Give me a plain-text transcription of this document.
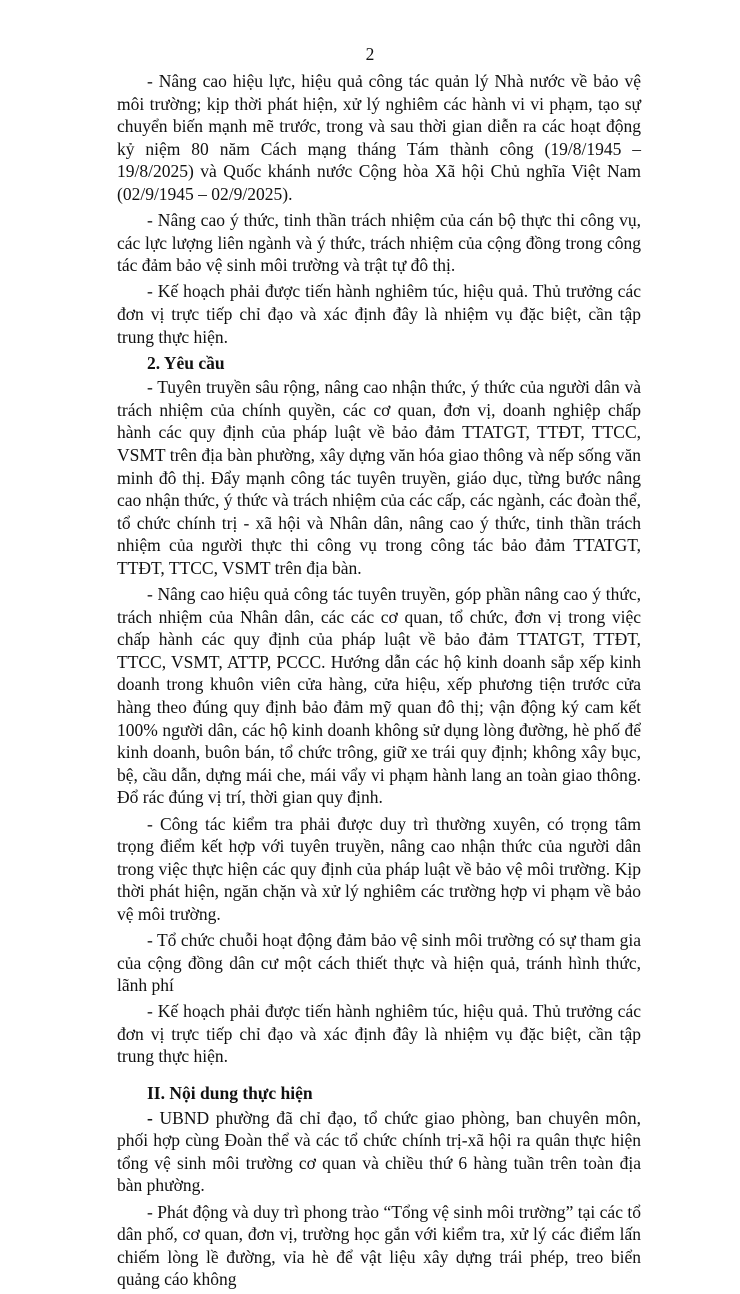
2

- Nâng cao hiệu lực, hiệu quả công tác quản lý Nhà nước về bảo vệ môi trường; kịp thời phát hiện, xử lý nghiêm các hành vi vi phạm, tạo sự chuyển biến mạnh mẽ trước, trong và sau thời gian diễn ra các hoạt động kỷ niệm 80 năm Cách mạng tháng Tám thành công (19/8/1945 – 19/8/2025) và Quốc khánh nước Cộng hòa Xã hội Chủ nghĩa Việt Nam (02/9/1945 – 02/9/2025).

- Nâng cao ý thức, tinh thần trách nhiệm của cán bộ thực thi công vụ, các lực lượng liên ngành và ý thức, trách nhiệm của cộng đồng trong công tác đảm bảo vệ sinh môi trường và trật tự đô thị.

- Kế hoạch phải được tiến hành nghiêm túc, hiệu quả. Thủ trưởng các đơn vị trực tiếp chỉ đạo và xác định đây là nhiệm vụ đặc biệt, cần tập trung thực hiện.

2. Yêu cầu

- Tuyên truyền sâu rộng, nâng cao nhận thức, ý thức của người dân và trách nhiệm của chính quyền, các cơ quan, đơn vị, doanh nghiệp chấp hành các quy định của pháp luật về bảo đảm TTATGT, TTĐT, TTCC, VSMT trên địa bàn phường, xây dựng văn hóa giao thông và nếp sống văn minh đô thị. Đẩy mạnh công tác tuyên truyền, giáo dục, từng bước nâng cao nhận thức, ý thức và trách nhiệm của các cấp, các ngành, các đoàn thể, tổ chức chính trị - xã hội và Nhân dân, nâng cao ý thức, tinh thần trách nhiệm của người thực thi công vụ trong công tác bảo đảm TTATGT, TTĐT, TTCC, VSMT trên địa bàn.

- Nâng cao hiệu quả công tác tuyên truyền, góp phần nâng cao ý thức, trách nhiệm của Nhân dân, các các cơ quan, tổ chức, đơn vị trong việc chấp hành các quy định của pháp luật về bảo đảm TTATGT, TTĐT, TTCC, VSMT, ATTP, PCCC. Hướng dẫn các hộ kinh doanh sắp xếp kinh doanh trong khuôn viên cửa hàng, cửa hiệu, xếp phương tiện trước cửa hàng theo đúng quy định bảo đảm mỹ quan đô thị; vận động ký cam kết 100% người dân, các hộ kinh doanh không sử dụng lòng đường, hè phố để kinh doanh, buôn bán, tổ chức trông, giữ xe trái quy định; không xây bục, bệ, cầu dẫn, dựng mái che, mái vẩy vi phạm hành lang an toàn giao thông. Đổ rác đúng vị trí, thời gian quy định.

- Công tác kiểm tra phải được duy trì thường xuyên, có trọng tâm trọng điểm kết hợp với tuyên truyền, nâng cao nhận thức của người dân trong việc thực hiện các quy định của pháp luật về bảo vệ môi trường. Kịp thời phát hiện, ngăn chặn và xử lý nghiêm các trường hợp vi phạm về bảo vệ môi trường.

- Tổ chức chuỗi hoạt động đảm bảo vệ sinh môi trường có sự tham gia của cộng đồng dân cư một cách thiết thực và hiện quả, tránh hình thức, lãnh phí

- Kế hoạch phải được tiến hành nghiêm túc, hiệu quả. Thủ trưởng các đơn vị trực tiếp chỉ đạo và xác định đây là nhiệm vụ đặc biệt, cần tập trung thực hiện.

II. Nội dung thực hiện

- UBND phường đã chỉ đạo, tổ chức giao phòng, ban chuyên môn, phối hợp cùng Đoàn thể và các tổ chức chính trị-xã hội ra quân thực hiện tổng vệ sinh môi trường cơ quan và chiều thứ 6 hàng tuần trên toàn địa bàn phường.

- Phát động và duy trì phong trào “Tổng vệ sinh môi trường” tại các tổ dân phố, cơ quan, đơn vị, trường học gắn với kiểm tra, xử lý các điểm lấn chiếm lòng lề đường, vỉa hè để vật liệu xây dựng trái phép, treo biển quảng cáo không
